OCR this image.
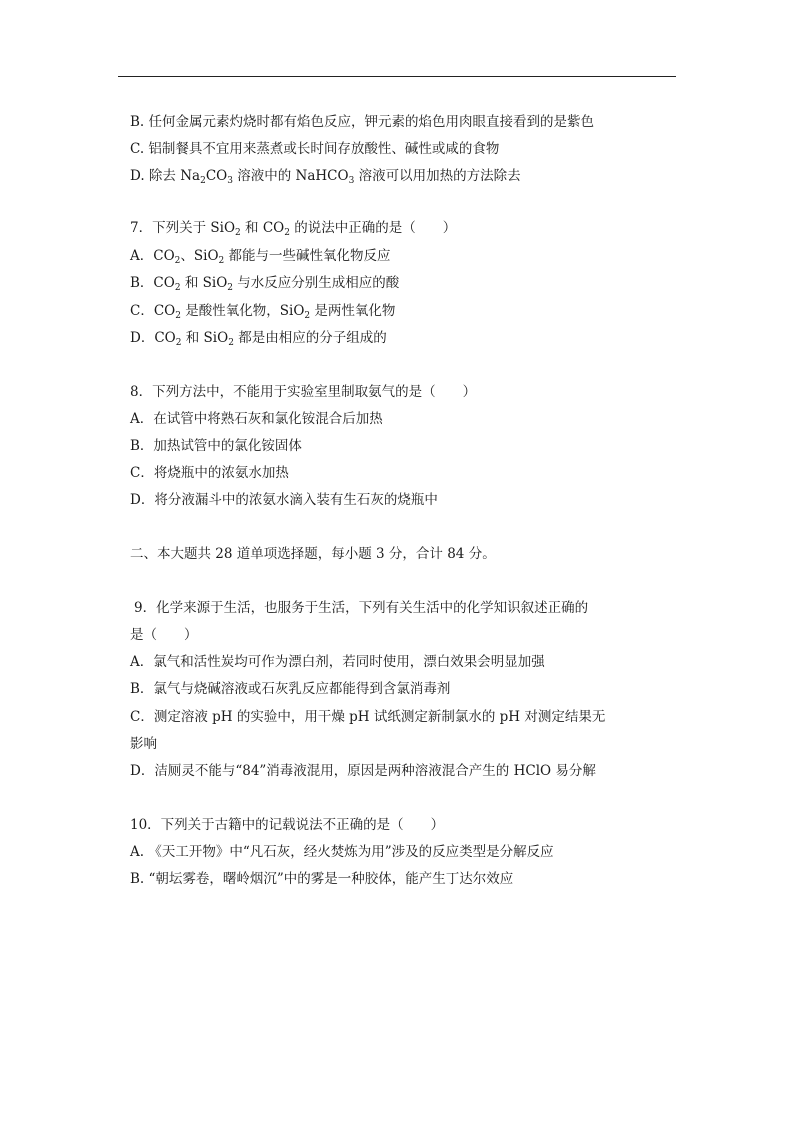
B. 任何金属元素灼烧时都有焰色反应，钾元素的焰色用肉眼直接看到的是紫色
C. 铝制餐具不宜用来蒸煮或长时间存放酸性、碱性或咸的食物
D. 除去 $Na_2CO_3$ 溶液中的 NaHCO$_3$ 溶液可以用加热的方法除去
7．下列关于 SiO$_2$ 和 $CO_2$ 的说法中正确的是（　　）
A．$CO_2$、SiO$_2$ 都能与一些碱性氧化物反应
B．$CO_2$ 和 SiO$_2$ 与水反应分别生成相应的酸
C．$CO_2$ 是酸性氧化物，SiO$_2$ 是两性氧化物
D．$CO_2$ 和 SiO$_2$ 都是由相应的分子组成的
8．下列方法中，不能用于实验室里制取氨气的是（　　）
A．在试管中将熟石灰和氯化铵混合后加热
B．加热试管中的氯化铵固体
C．将烧瓶中的浓氨水加热
D．将分液漏斗中的浓氨水滴入装有生石灰的烧瓶中
二、本大题共 28 道单项选择题，每小题 3 分，合计 84 分。
9．化学来源于生活，也服务于生活，下列有关生活中的化学知识叙述正确的
是（　　）
A．氯气和活性炭均可作为漂白剂，若同时使用，漂白效果会明显加强
B．氯气与烧碱溶液或石灰乳反应都能得到含氯消毒剂
C．测定溶液 pH 的实验中，用干燥 pH 试纸测定新制氯水的 pH 对测定结果无
影响
D．洁厕灵不能与“84”消毒液混用，原因是两种溶液混合产生的 HClO 易分解
10．下列关于古籍中的记载说法不正确的是（　　）
A. 《天工开物》中“凡石灰，经火焚炼为用”涉及的反应类型是分解反应
B. “朝坛雾卷，曙岭烟沉”中的雾是一种胶体，能产生丁达尔效应
